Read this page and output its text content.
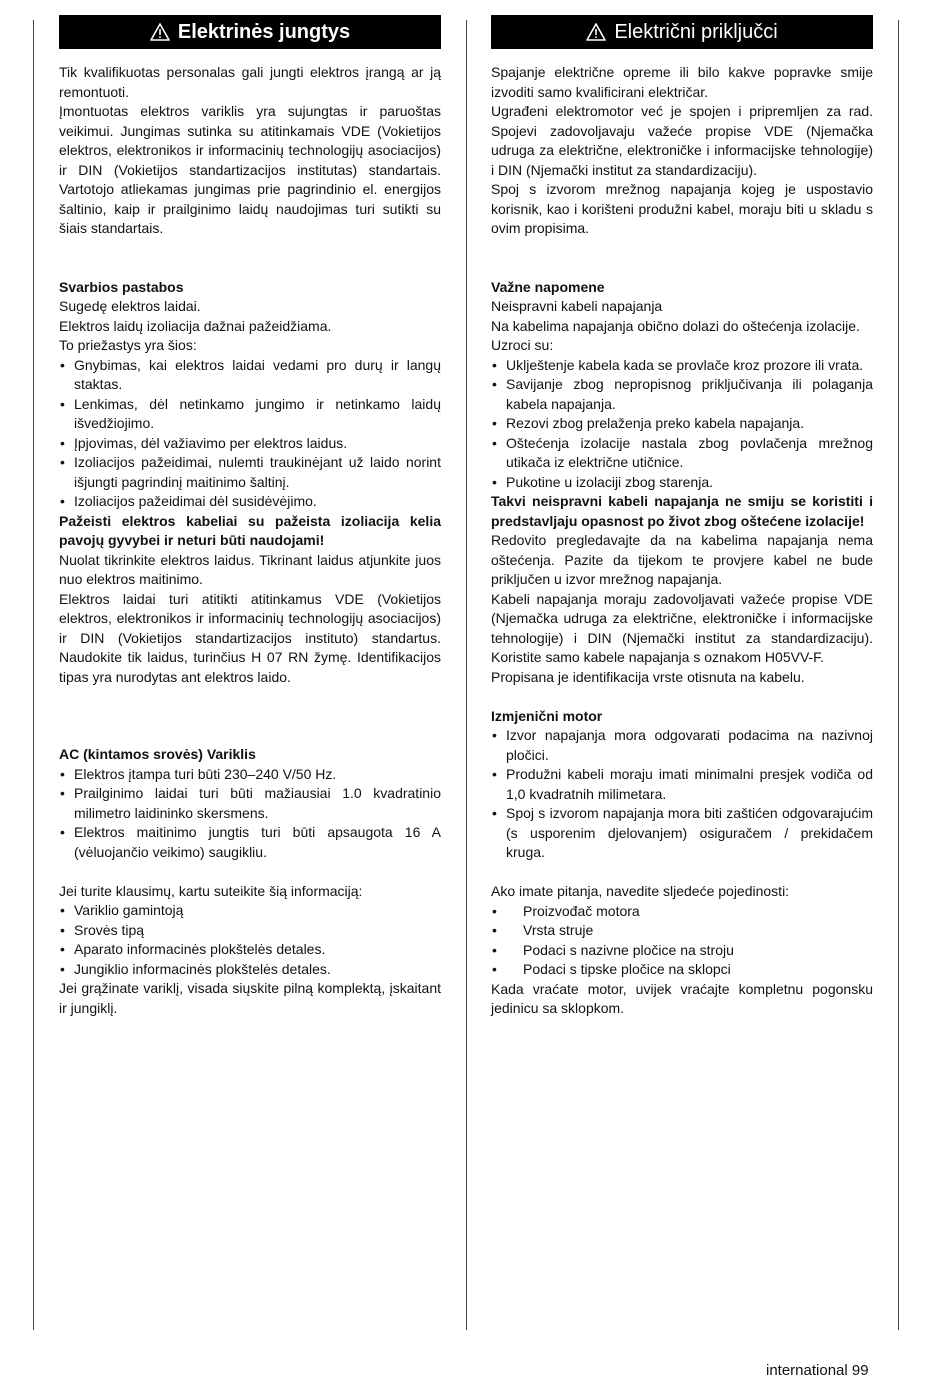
Elektrinės jungtys

Tik kvalifikuotas personalas gali jungti elektros įrangą ar ją remontuoti.

Įmontuotas elektros variklis yra sujungtas ir paruoštas veikimui. Jungimas sutinka su atitinkamais VDE (Vokietijos elektros, elektronikos ir informacinių technologijų asociacijos) ir DIN (Vokietijos standartizacijos institutas) standartais. Vartotojo atliekamas jungimas prie pagrindinio el. energijos šaltinio, kaip ir prailginimo laidų naudojimas turi sutikti su šiais standartais.

Svarbios pastabos

Sugedę elektros laidai.

Elektros laidų izoliacija dažnai pažeidžiama.

To priežastys yra šios:

• Gnybimas, kai elektros laidai vedami pro durų ir langų staktas.
• Lenkimas, dėl netinkamo jungimo ir netinkamo laidų išvedžiojimo.
• Įpjovimas, dėl važiavimo per elektros laidus.
• Izoliacijos pažeidimai, nulemti traukinėjant už laido norint išjungti pagrindinį maitinimo šaltinį.
• Izoliacijos pažeidimai dėl susidėvėjimo.

Pažeisti elektros kabeliai su pažeista izoliacija kelia pavojų gyvybei ir neturi būti naudojami!

Nuolat tikrinkite elektros laidus. Tikrinant laidus atjunkite juos nuo elektros maitinimo.

Elektros laidai turi atitikti atitinkamus VDE (Vokietijos elektros, elektronikos ir informacinių technologijų asociacijos) ir DIN (Vokietijos standartizacijos instituto) standartus. Naudokite tik laidus, turinčius H 07 RN žymę. Identifikacijos tipas yra nurodytas ant elektros laido.

AC (kintamos srovės) Variklis

• Elektros įtampa turi būti 230–240 V/50 Hz.
• Prailginimo laidai turi būti mažiausiai 1.0 kvadratinio milimetro laidininko skersmens.
• Elektros maitinimo jungtis turi būti apsaugota 16 A (vėluojančio veikimo) saugikliu.

Jei turite klausimų, kartu suteikite šią informaciją:

• Variklio gamintoją
• Srovės tipą
• Aparato informacinės plokštelės detales.
• Jungiklio informacinės plokštelės detales.

Jei grąžinate variklį, visada siųskite pilną komplektą, įskaitant ir jungiklį.

Električni priključci

Spajanje električne opreme ili bilo kakve popravke smije izvoditi samo kvalificirani električar.

Ugrađeni elektromotor već je spojen i pripremljen za rad. Spojevi zadovoljavaju važeće propise VDE (Njemačka udruga za električne, elektroničke i informacijske tehnologije) i DIN (Njemački institut za standardizaciju).

Spoj s izvorom mrežnog napajanja kojeg je uspostavio korisnik, kao i korišteni produžni kabel, moraju biti u skladu s ovim propisima.

Važne napomene

Neispravni kabeli napajanja

Na kabelima napajanja obično dolazi do oštećenja izolacije.

Uzroci su:

• Uklještenje kabela kada se provlače kroz prozore ili vrata.
• Savijanje zbog nepropisnog priključivanja ili polaganja kabela napajanja.
• Rezovi zbog prelaženja preko kabela napajanja.
• Oštećenja izolacije nastala zbog povlačenja mrežnog utikača iz električne utičnice.
• Pukotine u izolaciji zbog starenja.

Takvi neispravni kabeli napajanja ne smiju se koristiti i predstavljaju opasnost po život zbog oštećene izolacije!

Redovito pregledavajte da na kabelima napajanja nema oštećenja. Pazite da tijekom te provjere kabel ne bude priključen u izvor mrežnog napajanja.

Kabeli napajanja moraju zadovoljavati važeće propise VDE (Njemačka udruga za električne, elektroničke i informacijske tehnologije) i DIN (Njemački institut za standardizaciju). Koristite samo kabele napajanja s oznakom H05VV-F.

Propisana je identifikacija vrste otisnuta na kabelu.

Izmjenični motor

• Izvor napajanja mora odgovarati podacima na nazivnoj pločici.
• Produžni kabeli moraju imati minimalni presjek vodiča od 1,0 kvadratnih milimetara.
• Spoj s izvorom napajanja mora biti zaštićen odgovarajućim (s usporenim djelovanjem) osiguračem / prekidačem kruga.

Ako imate pitanja, navedite sljedeće pojedinosti:

• Proizvođač motora
• Vrsta struje
• Podaci s nazivne pločice na stroju
• Podaci s tipske pločice na sklopci

Kada vraćate motor, uvijek vraćajte kompletnu pogonsku jedinicu sa sklopkom.

international 99
